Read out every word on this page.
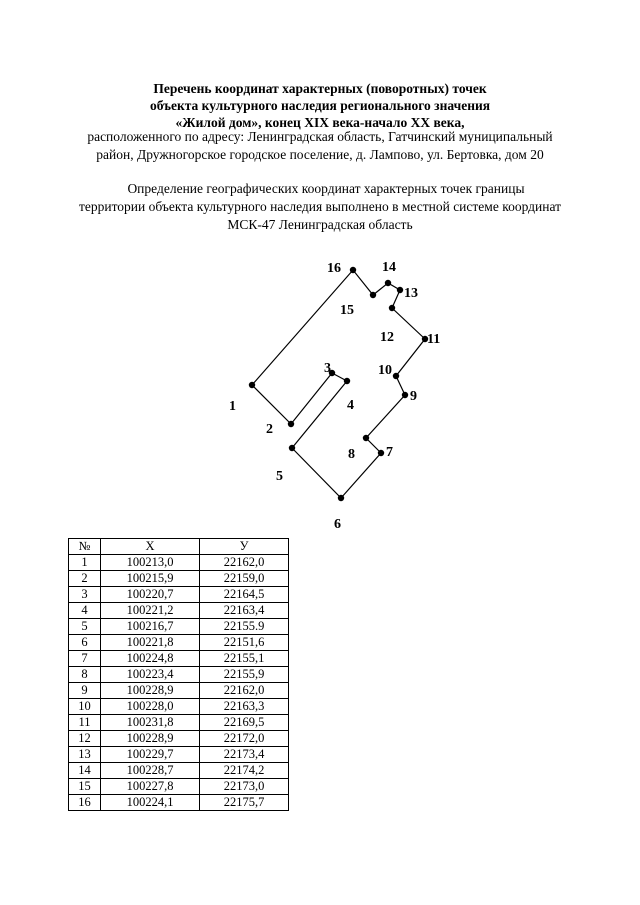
Перечень координат характерных (поворотных) точек
объекта культурного наследия регионального значения
«Жилой дом», конец XIX века-начало XX века,
расположенного по адресу: Ленинградская область, Гатчинский муниципальный
район, Дружногорское городское поселение, д. Лампово, ул. Бертовка, дом 20
Определение географических координат характерных точек границы
территории объекта культурного наследия выполнено в местной системе координат
МСК-47 Ленинградская область
1
2
3
4
5
6
7
8
9
10
11
12
13
14
15
16
№	X	У
1	100213,0	22162,0
2	100215,9	22159,0
3	100220,7	22164,5
4	100221,2	22163,4
5	100216,7	22155.9
6	100221,8	22151,6
7	100224,8	22155,1
8	100223,4	22155,9
9	100228,9	22162,0
10	100228,0	22163,3
11	100231,8	22169,5
12	100228,9	22172,0
13	100229,7	22173,4
14	100228,7	22174,2
15	100227,8	22173,0
16	100224,1	22175,7
